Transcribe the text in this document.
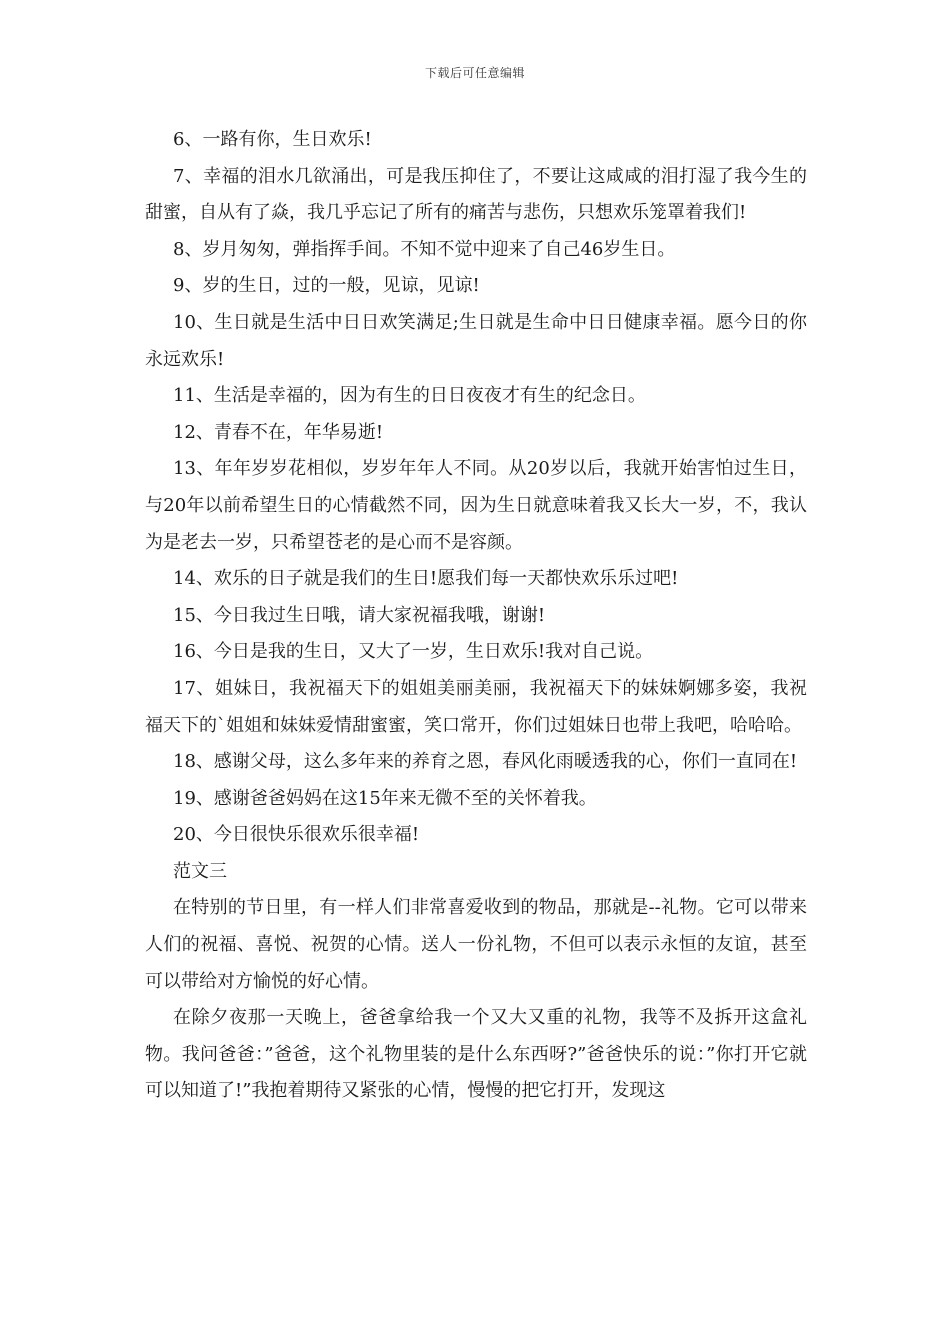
下载后可任意编辑

6、一路有你，生日欢乐!

7、幸福的泪水几欲涌出，可是我压抑住了，不要让这咸咸的泪打湿了我今生的甜蜜，自从有了焱，我几乎忘记了所有的痛苦与悲伤，只想欢乐笼罩着我们!

8、岁月匆匆，弹指挥手间。不知不觉中迎来了自己46岁生日。

9、岁的生日，过的一般，见谅，见谅!

10、生日就是生活中日日欢笑满足;生日就是生命中日日健康幸福。愿今日的你永远欢乐!

11、生活是幸福的，因为有生的日日夜夜才有生的纪念日。

12、青春不在，年华易逝!

13、年年岁岁花相似，岁岁年年人不同。从20岁以后，我就开始害怕过生日，与20年以前希望生日的心情截然不同，因为生日就意味着我又长大一岁，不，我认为是老去一岁，只希望苍老的是心而不是容颜。

14、欢乐的日子就是我们的生日!愿我们每一天都快欢乐乐过吧!

15、今日我过生日哦，请大家祝福我哦，谢谢!

16、今日是我的生日，又大了一岁，生日欢乐!我对自己说。

17、姐妹日，我祝福天下的姐姐美丽美丽，我祝福天下的妹妹婀娜多姿，我祝福天下的`姐姐和妹妹爱情甜蜜蜜，笑口常开，你们过姐妹日也带上我吧，哈哈哈。

18、感谢父母，这么多年来的养育之恩，春风化雨暖透我的心，你们一直同在!

19、感谢爸爸妈妈在这15年来无微不至的关怀着我。

20、今日很快乐很欢乐很幸福!

范文三

在特别的节日里，有一样人们非常喜爱收到的物品，那就是--礼物。它可以带来人们的祝福、喜悦、祝贺的心情。送人一份礼物，不但可以表示永恒的友谊，甚至可以带给对方愉悦的好心情。

在除夕夜那一天晚上，爸爸拿给我一个又大又重的礼物，我等不及拆开这盒礼物。我问爸爸：”爸爸，这个礼物里装的是什么东西呀?”爸爸快乐的说：”你打开它就可以知道了!”我抱着期待又紧张的心情，慢慢的把它打开，发现这
